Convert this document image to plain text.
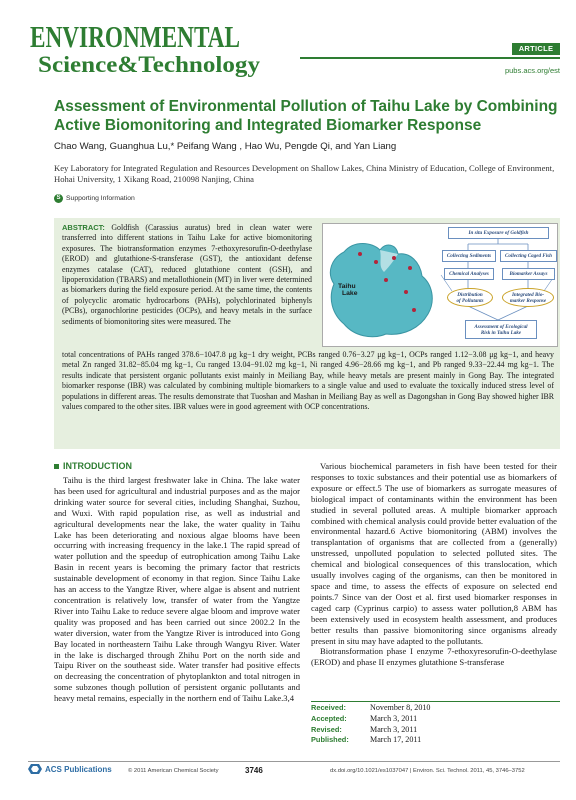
ENVIRONMENTAL
Science&Technology
ARTICLE
pubs.acs.org/est
Assessment of Environmental Pollution of Taihu Lake by Combining Active Biomonitoring and Integrated Biomarker Response
Chao Wang, Guanghua Lu,* Peifang Wang , Hao Wu, Pengde Qi, and Yan Liang
Key Laboratory for Integrated Regulation and Resources Development on Shallow Lakes, China Ministry of Education, College of Environment, Hohai University, 1 Xikang Road, 210098 Nanjing, China
S Supporting Information
ABSTRACT: Goldfish (Carassius auratus) bred in clean water were transferred into different stations in Taihu Lake for active biomonitoring exposures. The biotransformation enzymes 7-ethoxyresorufin-O-deethylase (EROD) and glutathione-S-transferase (GST), the antioxidant defense enzymes catalase (CAT), reduced glutathione content (GSH), and lipoperoxidation (TBARS) and metallothionein (MT) in liver were determined as biomarkers during the field exposure period. At the same time, the contents of polycyclic aromatic hydrocarbons (PAHs), polychlorinated biphenyls (PCBs), organochlorine pesticides (OCPs), and heavy metals in the surface sediments of biomonitoring sites were measured. The
Taihu
Lake
In situ Exposure of Goldfish
Collecting Sediments	Collecting Caged Fish
Chemical Analyses	Biomarker Assays
Distribution
of Pollutants
Integrated Bio-
marker Response
Assessment of Ecological
Risk in Taihu Lake
total concentrations of PAHs ranged 378.6−1047.8 μg kg−1 dry weight, PCBs ranged 0.76−3.27 μg kg−1, OCPs ranged 1.12−3.08 μg kg−1, and heavy metal Zn ranged 31.82−85.04 mg kg−1, Cu ranged 13.04−91.02 mg kg−1, Ni ranged 4.96−28.66 mg kg−1, and Pb ranged 9.33−22.44 mg kg−1. The results indicate that persistent organic pollutants exist mainly in Meiliang Bay, while heavy metals are present mainly in Gong Bay. The integrated biomarker response (IBR) was calculated by combining multiple biomarkers to a single value and used to evaluate the toxically induced stress level of populations in different areas. The results demonstrate that Tuoshan and Mashan in Meiliang Bay as well as Dagongshan in Gong Bay showed higher IBR values compared to the other sites. IBR values were in good agreement with OCP concentrations.
INTRODUCTION

Taihu is the third largest freshwater lake in China. The lake water has been used for agricultural and industrial purposes and as the major drinking water source for several cities, including Shanghai, Suzhou, and Wuxi. With rapid population rise, as well as industrial and agricultural developments near the lake, the water quality in Taihu Lake has been deteriorating and noxious algae blooms have been occurring with increasing frequency in the lake.1 The rapid spread of water pollution and the speedup of eutrophication among Taihu Lake Basin in recent years is becoming the primary factor that restricts sustainable development of economy in that region. Since Taihu Lake has an access to the Yangtze River, where algae is absent and nutrient concentration is relatively low, transfer of water from the Yangtze River into Taihu Lake to reduce severe algae bloom and improve water quality was proposed and has been carried out since 2002.2 In the water diversion, water from the Yangtze River is introduced into Gong Bay located in northeastern Taihu Lake through Wangyu River. Water in the lake is discharged through Zhihu Port on the north side and Taipu River on the southeast side. Water transfer had positive effects on decreasing the concentration of phytoplankton and total nitrogen in some subzones though pollution of persistent organic pollutants and heavy metal remains, especially in the northern end of Taihu Lake.3,4

Various biochemical parameters in fish have been tested for their responses to toxic substances and their potential use as biomarkers of exposure or effect.5 The use of biomarkers as surrogate measures of biological impact of contaminants within the environment has been studied in several polluted areas. A multiple biomarker approach combined with chemical analysis could provide better evaluation of the environmental hazard.6 Active biomonitoring (ABM) involves the transplantation of organisms that are collected from a (generally) unstressed, unpolluted population to selected polluted sites. The chemical and biological consequences of this translocation, which usually involves caging of the organisms, can then be monitored in space and time, to assess the effects of exposure on selected end points.7 Since van der Oost et al. first used biomarker responses in caged carp (Cyprinus carpio) to assess water pollution,8 ABM has been extensively used in ecosystem health assessment, and produces better results than passive biomonitoring since organisms already present in situ may have adapted to the pollutants.

Biotransformation phase I enzyme 7-ethoxyresorufin-O-deethylase (EROD) and phase II enzymes glutathione S-transferase

Received:	November 8, 2010
Accepted:	March 3, 2011
Revised:	March 3, 2011
Published:	March 17, 2011
ACS Publications	© 2011 American Chemical Society	3746	dx.doi.org/10.1021/es1037047 | Environ. Sci. Technol. 2011, 45, 3746–3752
